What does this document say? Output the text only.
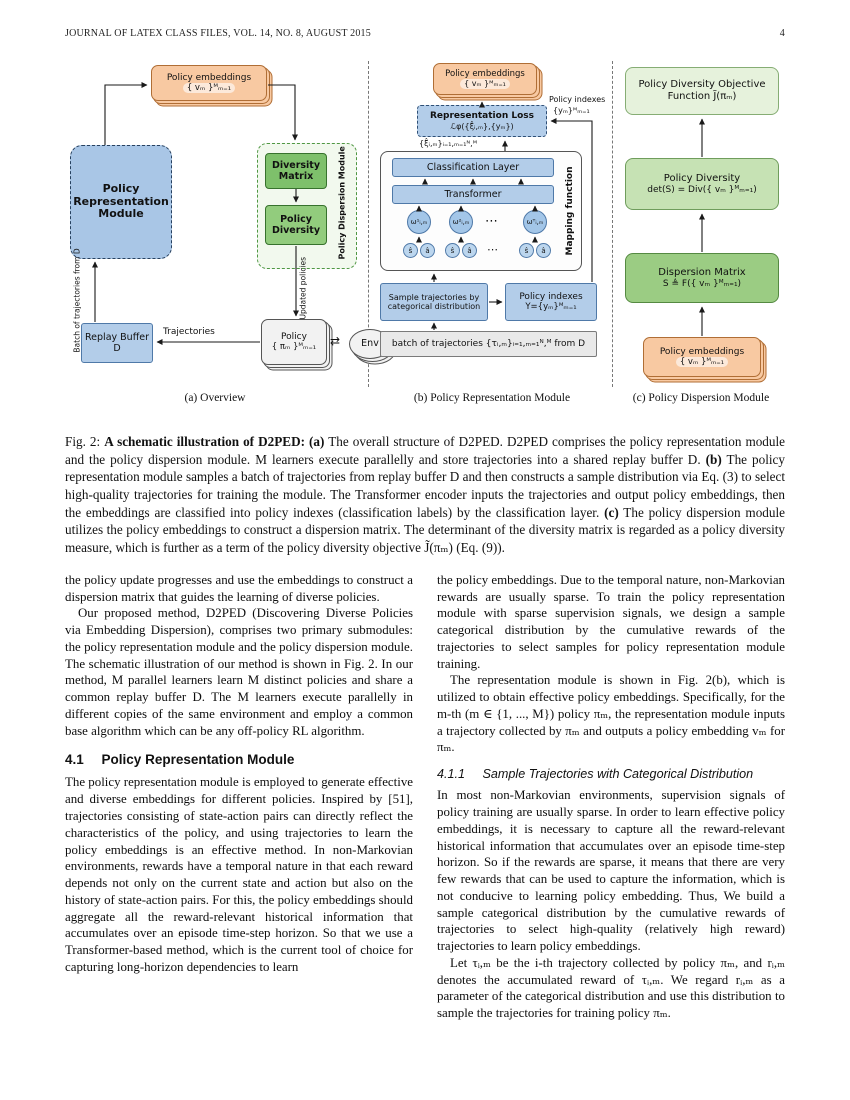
JOURNAL OF LATEX CLASS FILES, VOL. 14, NO. 8, AUGUST 2015	4
Policy embeddings
{ vₘ }ᴹₘ₌₁
Policy Representation Module	Policy Dispersion Module
Diversity Matrix
Policy Diversity
Updated policies
Batch of trajectories from D Replay Buffer D
Trajectories	Policy
{ πₘ }ᴹₘ₌₁ ⇄	Env
(a) Overview
Policy embeddings
{ vₘ }ᴹₘ₌₁
Representation Loss
ℒφ({ξ̂ᵢ,ₘ},{yₘ})
Policy indexes
{yₘ}ᴹₘ₌₁
{ξ̂ᵢ,ₘ}ᵢ₌₁,ₘ₌₁ᴺ,ᴹ
Mapping function
Classification Layer
Transformer
ω¹ᵢ,ₘ	ω²ᵢ,ₘ ⋯	ωᵀᵢ,ₘ
ŝ	â	ŝ	â	⋯	ŝ	â
Sample trajectories by categorical distribution
Policy indexes
Y={yₘ}ᴹₘ₌₁
batch of trajectories {τᵢ,ₘ}ᵢ₌₁,ₘ₌₁ᴺ,ᴹ from D
(b) Policy Representation Module
Policy Diversity Objective
Function J̃(πₘ)
Policy Diversity
det(S) = Div({ vₘ }ᴹₘ₌₁)
Dispersion Matrix
S ≜ F({ vₘ }ᴹₘ₌₁)
Policy embeddings
{ vₘ }ᴹₘ₌₁
(c) Policy Dispersion Module

Fig. 2: A schematic illustration of D2PED: (a) The overall structure of D2PED. D2PED comprises the policy representation module and the policy dispersion module. M learners execute parallelly and store trajectories into a shared replay buffer D. (b) The policy representation module samples a batch of trajectories from replay buffer D and then constructs a sample distribution via Eq. (3) to select high-quality trajectories for training the module. The Transformer encoder inputs the trajectories and output policy embeddings, then the embeddings are classified into policy indexes (classification labels) by the classification layer. (c) The policy dispersion module utilizes the policy embeddings to construct a dispersion matrix. The determinant of the diversity matrix is regarded as a policy diversity measure, which is further as a term of the policy diversity objective J̃(πₘ) (Eq. (9)).

the policy update progresses and use the embeddings to construct a dispersion matrix that guides the learning of diverse policies.

Our proposed method, D2PED (Discovering Diverse Policies via Embedding Dispersion), comprises two primary submodules: the policy representation module and the policy dispersion module. The schematic illustration of our method is shown in Fig. 2. In our method, M parallel learners learn M distinct policies and share a common replay buffer D. The M learners execute parallelly in different copies of the same environment and employ a common base algorithm which can be any off-policy RL algorithm.

4.1 Policy Representation Module

The policy representation module is employed to generate effective and diverse embeddings for different policies. Inspired by [51], trajectories consisting of state-action pairs can directly reflect the characteristics of the policy, and using trajectories to learn the policy embeddings is an effective method. In non-Markovian environments, rewards have a temporal nature in that each reward depends not only on the current state and action but also on the history of state-action pairs. For this, the policy embeddings should aggregate all the reward-relevant historical information that accumulates over an episode time-step horizon. So that we use a Transformer-based method, which is the current tool of choice for capturing long-horizon dependencies to learn

the policy embeddings. Due to the temporal nature, non-Markovian rewards are usually sparse. To train the policy representation module with sparse supervision signals, we design a sample categorical distribution by the cumulative rewards of the trajectories to select samples for policy representation module training.

The representation module is shown in Fig. 2(b), which is utilized to obtain effective policy embeddings. Specifically, for the m-th (m ∈ {1, ..., M}) policy πₘ, the representation module inputs a trajectory collected by πₘ and outputs a policy embedding vₘ for πₘ.

4.1.1 Sample Trajectories with Categorical Distribution

In most non-Markovian environments, supervision signals of policy training are usually sparse. In order to learn effective policy embeddings, it is necessary to capture all the reward-relevant historical information that accumulates over an episode time-step horizon. So if the rewards are sparse, it means that there are very few rewards that can be used to capture the information, which is not conducive to learning policy embedding. Thus, We build a sample categorical distribution by the cumulative rewards of trajectories to select high-quality (relatively high reward) trajectories to learn policy embeddings.

Let τᵢ,ₘ be the i-th trajectory collected by policy πₘ, and rᵢ,ₘ denotes the accumulated reward of τᵢ,ₘ. We regard rᵢ,ₘ as a parameter of the categorical distribution and use this distribution to sample the trajectories for training policy πₘ.
